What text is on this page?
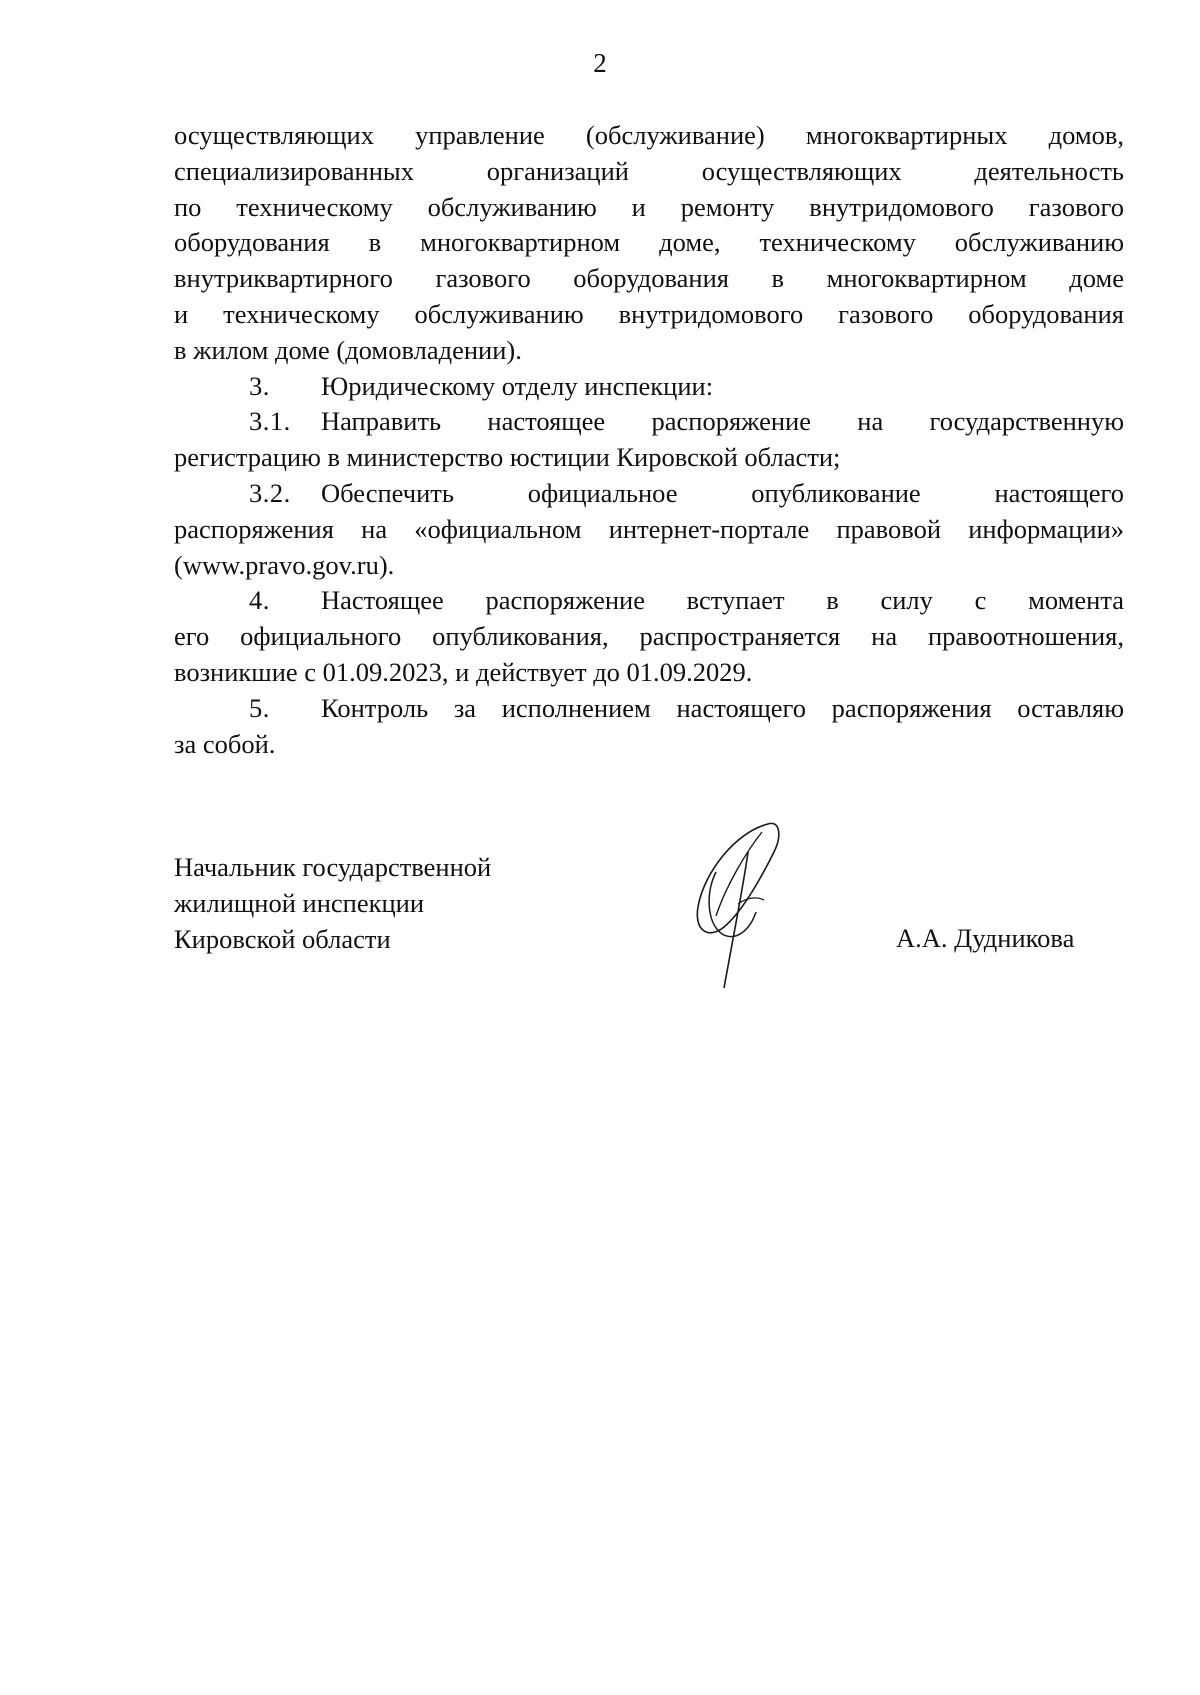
2
осуществляющих управление (обслуживание) многоквартирных домов,
специализированных организаций осуществляющих деятельность
по техническому обслуживанию и ремонту внутридомового газового
оборудования в многоквартирном доме, техническому обслуживанию
внутриквартирного газового оборудования в многоквартирном доме
и техническому обслуживанию внутридомового газового оборудования
в жилом доме (домовладении).
3. Юридическому отделу инспекции:
3.1.	Направить настоящее распоряжение на государственную
регистрацию в министерство юстиции Кировской области;
3.2.	Обеспечить официальное опубликование настоящего
распоряжения на «официальном интернет-портале правовой информации»
(www.pravo.gov.ru).
4.	Настоящее распоряжение вступает в силу с момента
его официального опубликования, распространяется на правоотношения,
возникшие с 01.09.2023, и действует до 01.09.2029.
5.	Контроль за исполнением настоящего распоряжения оставляю
за собой.
Начальник государственной
жилищной инспекции
Кировской области	А.А. Дудникова
